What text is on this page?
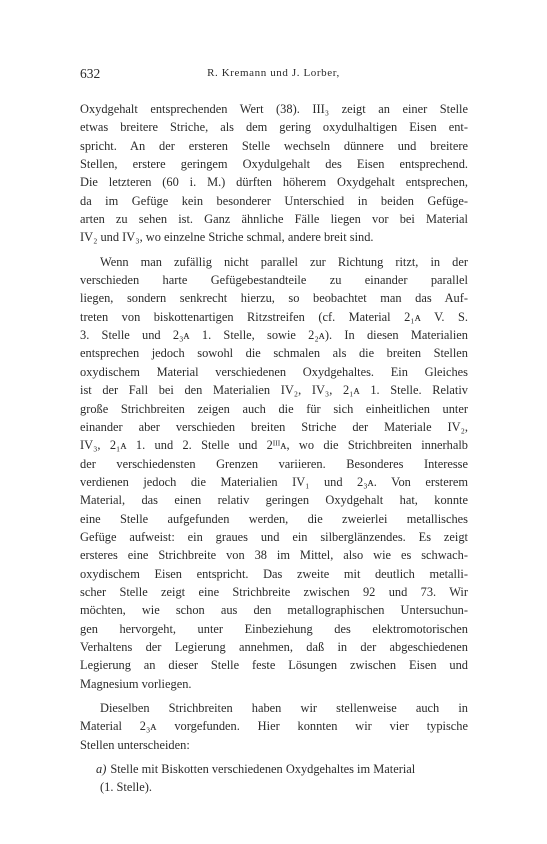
632	R. Kremann und J. Lorber,
Oxydgehalt entsprechenden Wert (38). III₃ zeigt an einer Stelle
etwas breitere Striche, als dem gering oxydulhaltigen Eisen ent-
spricht. An der ersteren Stelle wechseln dünnere und breitere
Stellen, erstere geringem Oxydulgehalt des Eisen entsprechend.
Die letzteren (60 i. M.) dürften höherem Oxydgehalt entsprechen,
da im Gefüge kein besonderer Unterschied in beiden Gefüge-
arten zu sehen ist. Ganz ähnliche Fälle liegen vor bei Material
IV₂ und IV₃, wo einzelne Striche schmal, andere breit sind.
Wenn man zufällig nicht parallel zur Richtung ritzt, in der
verschieden harte Gefügebestandteile zu einander parallel
liegen, sondern senkrecht hierzu, so beobachtet man das Auf-
treten von biskottenartigen Ritzstreifen (cf. Material 2₁ᴀ V. S.
3. Stelle und 2₃ᴀ 1. Stelle, sowie 2₂ᴀ). In diesen Materialien
entsprechen jedoch sowohl die schmalen als die breiten Stellen
oxydischem Material verschiedenen Oxydgehaltes. Ein Gleiches
ist der Fall bei den Materialien IV₂, IV₃, 2₁ᴀ 1. Stelle. Relativ
große Strichbreiten zeigen auch die für sich einheitlichen unter
einander aber verschieden breiten Striche der Materiale IV₂,
IV₃, 2₁ᴀ 1. und 2. Stelle und 2ᴵᴵᴵᴀ, wo die Strichbreiten innerhalb
der verschiedensten Grenzen variieren. Besonderes Interesse
verdienen jedoch die Materialien IV₁ und 2₃ᴀ. Von ersterem
Material, das einen relativ geringen Oxydgehalt hat, konnte
eine Stelle aufgefunden werden, die zweierlei metallisches
Gefüge aufweist: ein graues und ein silberglänzendes. Es zeigt
ersteres eine Strichbreite von 38 im Mittel, also wie es schwach-
oxydischem Eisen entspricht. Das zweite mit deutlich metalli-
scher Stelle zeigt eine Strichbreite zwischen 92 und 73. Wir
möchten, wie schon aus den metallographischen Untersuchun-
gen hervorgeht, unter Einbeziehung des elektromotorischen
Verhaltens der Legierung annehmen, daß in der abgeschiedenen
Legierung an dieser Stelle feste Lösungen zwischen Eisen und
Magnesium vorliegen.
Dieselben Strichbreiten haben wir stellenweise auch in
Material 2₃ᴀ vorgefunden. Hier konnten wir vier typische
Stellen unterscheiden:
a) Stelle mit Biskotten verschiedenen Oxydgehaltes im Material
(1. Stelle).
